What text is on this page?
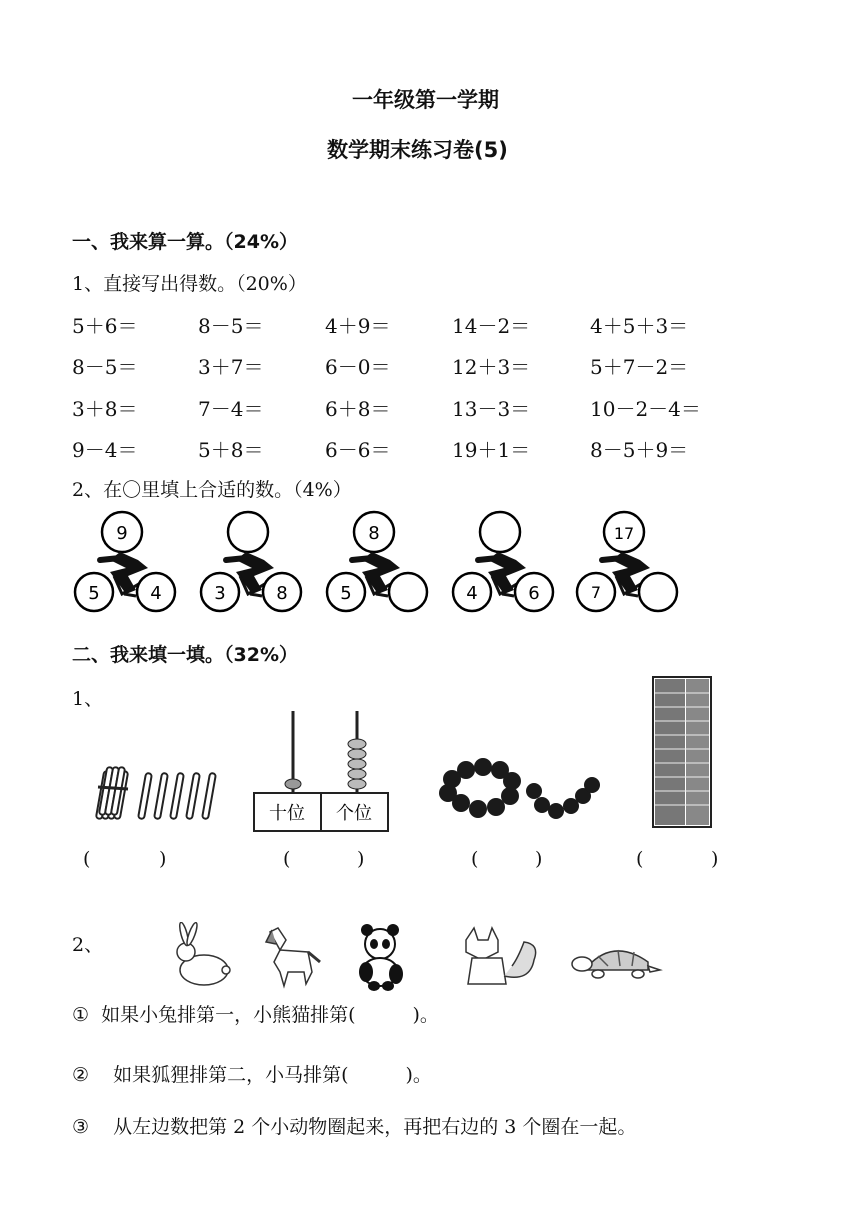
一年级第一学期
数学期末练习卷(5)
一、我来算一算。（24%）
1、直接写出得数。（20%）
5＋6＝	8－5＝	4＋9＝	14－2＝	4＋5＋3＝
8－5＝	3＋7＝	6－0＝	12＋3＝	5＋7－2＝
3＋8＝	7－4＝	6＋8＝	13－3＝	10－2－4＝
9－4＝	5＋8＝	6－6＝	19＋1＝	8－5＋9＝
2、在〇里填上合适的数。（4%）
9
5	4	3	8
8
5	4	6
17
7
二、我来填一填。（32%）
1、
十位 个位
(	)	(	)	(	)	(	)
2、
① 如果小兔排第一，小熊猫排第(　　　)。
② 如果狐狸排第二，小马排第(　　　)。
③ 从左边数把第 2 个小动物圈起来，再把右边的 3 个圈在一起。
